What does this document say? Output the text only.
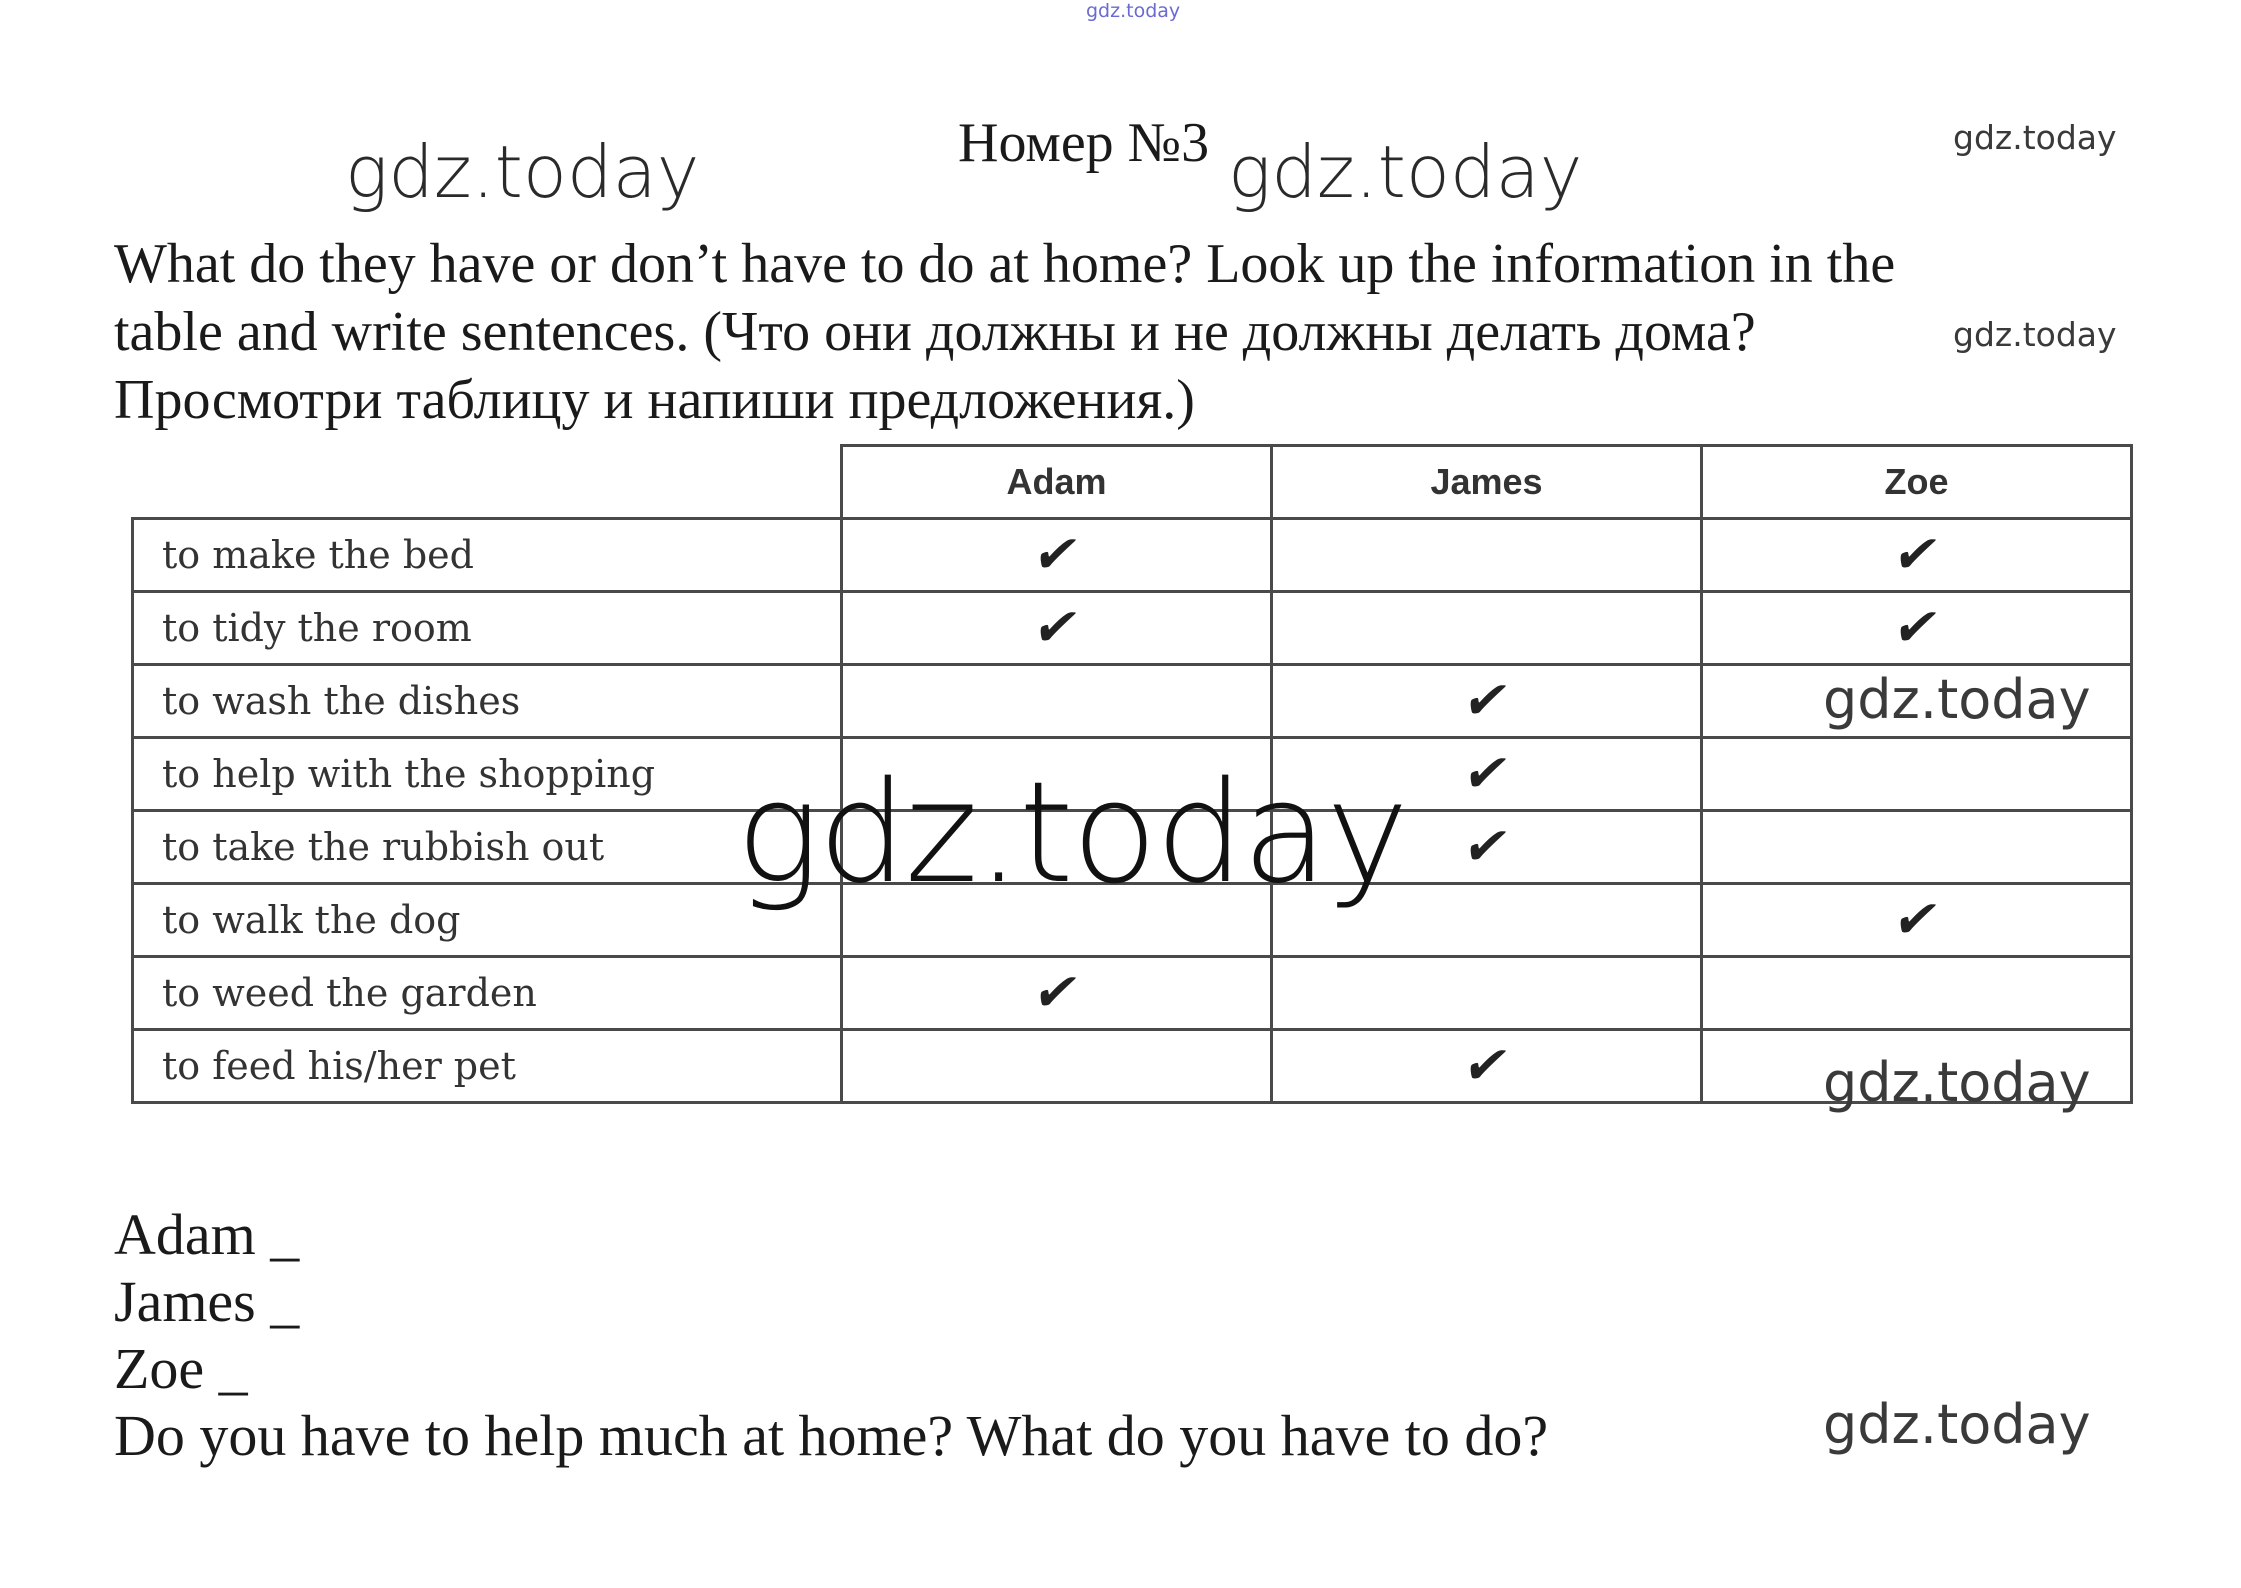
gdz.today
gdz.today	gdz.today	gdz.today
gdz.today
Номер №3
What do they have or don’t have to do at home? Look up the information in the
table and write sentences. (Что они должны и не должны делать дома?
Просмотри таблицу и напиши предложения.)
	Adam	James	Zoe
to make the bed	✔		✔
to tidy the room	✔		✔
to wash the dishes		✔	
to help with the shopping		✔	
to take the rubbish out		✔	
to walk the dog			✔
to weed the garden	✔		
to feed his/her pet		✔	
gdz.today
gdz.today
gdz.today
Adam _
James _
Zoe _
Do you have to help much at home? What do you have to do?	gdz.today
